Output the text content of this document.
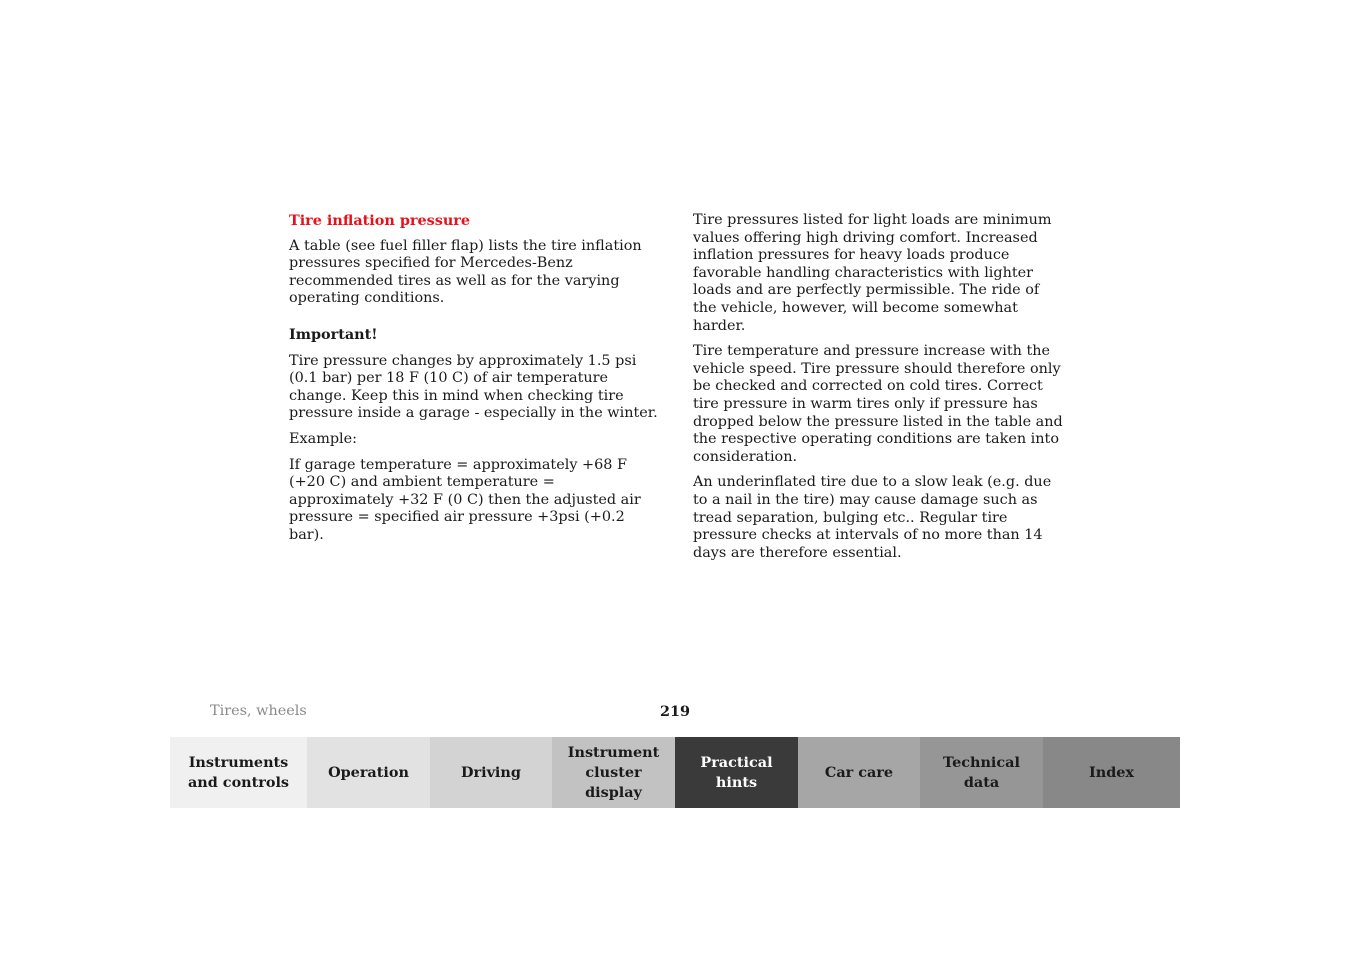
Tire inflation pressure

A table (see fuel filler flap) lists the tire inflation pressures specified for Mercedes-Benz recommended tires as well as for the varying operating conditions.

Important!

Tire pressure changes by approximately 1.5 psi (0.1 bar) per 18 F (10 C) of air temperature change. Keep this in mind when checking tire pressure inside a garage - especially in the winter.

Example:

If garage temperature = approximately +68 F (+20 C) and ambient temperature = approximately +32 F (0 C) then the adjusted air pressure = specified air pressure +3psi (+0.2 bar).

Tire pressures listed for light loads are minimum values offering high driving comfort. Increased inflation pressures for heavy loads produce favorable handling characteristics with lighter loads and are perfectly permissible. The ride of the vehicle, however, will become somewhat harder.

Tire temperature and pressure increase with the vehicle speed. Tire pressure should therefore only be checked and corrected on cold tires. Correct tire pressure in warm tires only if pressure has dropped below the pressure listed in the table and the respective operating conditions are taken into consideration.

An underinflated tire due to a slow leak (e.g. due to a nail in the tire) may cause damage such as tread separation, bulging etc.. Regular tire pressure checks at intervals of no more than 14 days are therefore essential.

Tires, wheels	219
Instruments
and controls
Operation	Driving
Instrument
cluster display
Practical hints
Car care
Technical
data
Index
